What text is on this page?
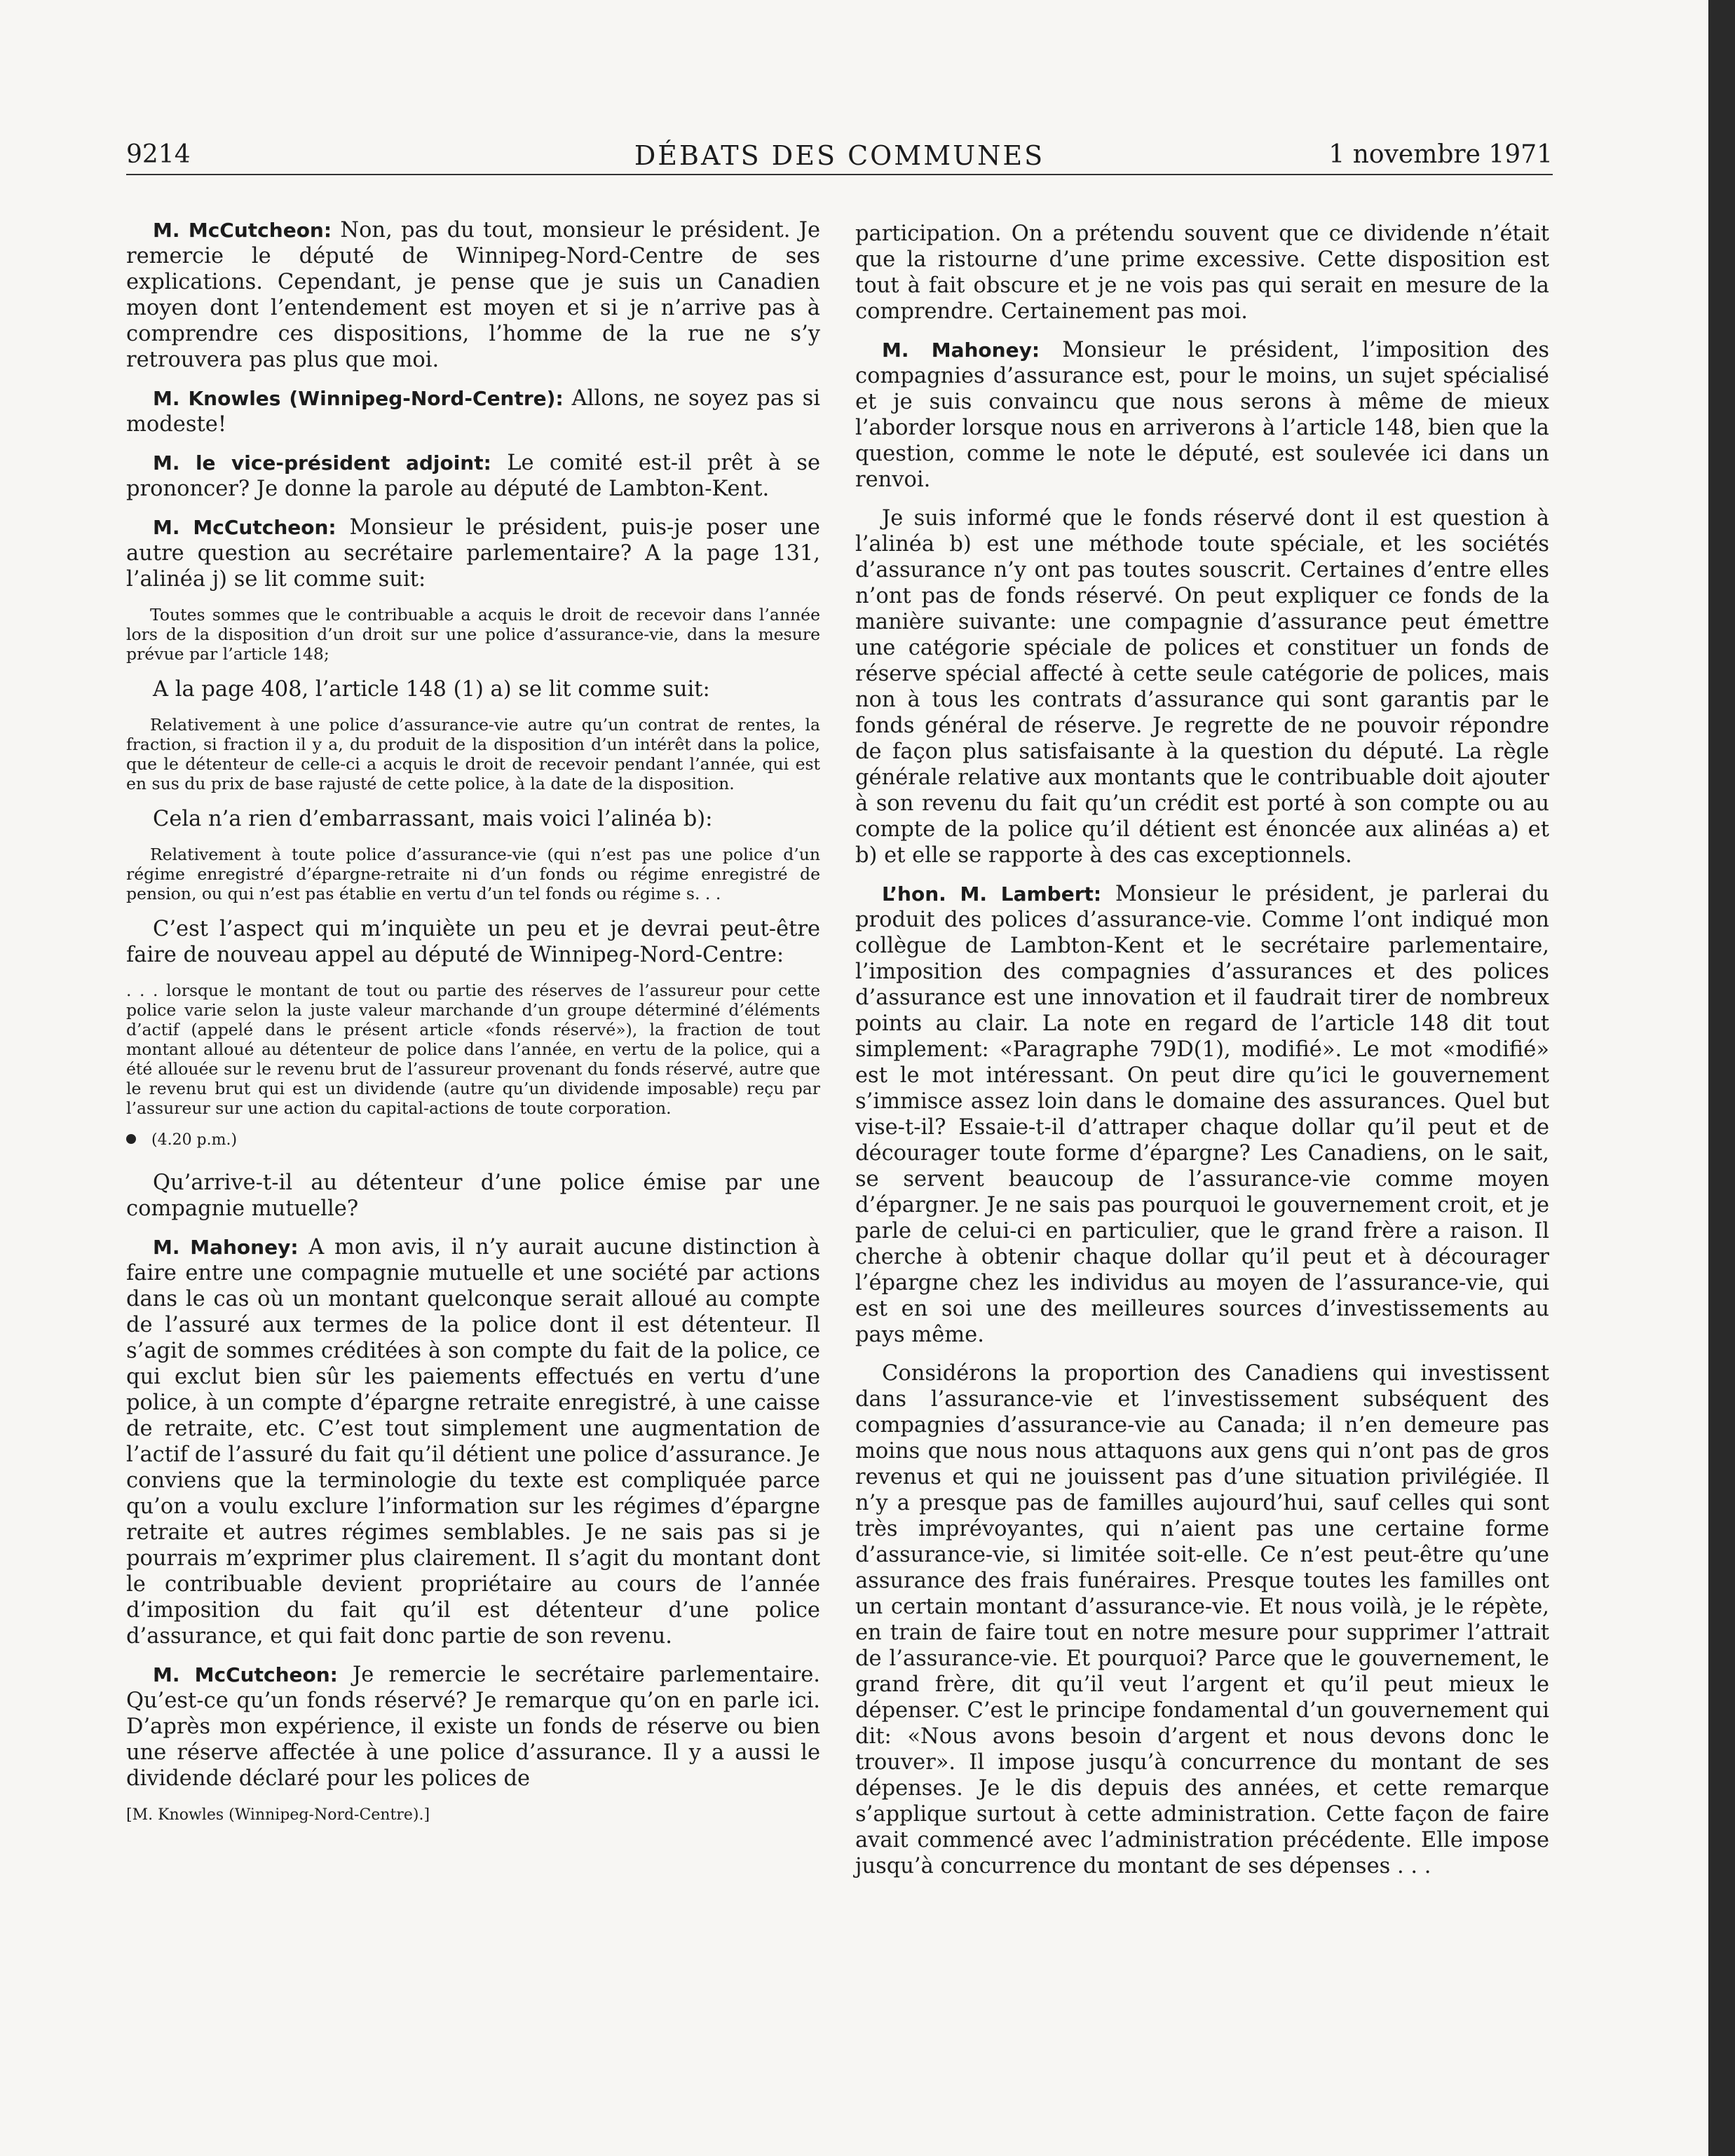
9214	DÉBATS DES COMMUNES	1 novembre 1971

M. McCutcheon: Non, pas du tout, monsieur le président. Je remercie le député de Winnipeg-Nord-Centre de ses explications. Cependant, je pense que je suis un Canadien moyen dont l’entendement est moyen et si je n’arrive pas à comprendre ces dispositions, l’homme de la rue ne s’y retrouvera pas plus que moi.

M. Knowles (Winnipeg-Nord-Centre): Allons, ne soyez pas si modeste!

M. le vice-président adjoint: Le comité est-il prêt à se prononcer? Je donne la parole au député de Lambton-Kent.

M. McCutcheon: Monsieur le président, puis-je poser une autre question au secrétaire parlementaire? A la page 131, l’alinéa j) se lit comme suit:

Toutes sommes que le contribuable a acquis le droit de recevoir dans l’année lors de la disposition d’un droit sur une police d’assurance-vie, dans la mesure prévue par l’article 148;

A la page 408, l’article 148 (1) a) se lit comme suit:

Relativement à une police d’assurance-vie autre qu’un contrat de rentes, la fraction, si fraction il y a, du produit de la disposition d’un intérêt dans la police, que le détenteur de celle-ci a acquis le droit de recevoir pendant l’année, qui est en sus du prix de base rajusté de cette police, à la date de la disposition.

Cela n’a rien d’embarrassant, mais voici l’alinéa b):

Relativement à toute police d’assurance-vie (qui n’est pas une police d’un régime enregistré d’épargne-retraite ni d’un fonds ou régime enregistré de pension, ou qui n’est pas établie en vertu d’un tel fonds ou régime s. . .

C’est l’aspect qui m’inquiète un peu et je devrai peut-être faire de nouveau appel au député de Winnipeg-Nord-Centre:

. . . lorsque le montant de tout ou partie des réserves de l’assureur pour cette police varie selon la juste valeur marchande d’un groupe déterminé d’éléments d’actif (appelé dans le présent article «fonds réservé»), la fraction de tout montant alloué au détenteur de police dans l’année, en vertu de la police, qui a été allouée sur le revenu brut de l’assureur provenant du fonds réservé, autre que le revenu brut qui est un dividende (autre qu’un dividende imposable) reçu par l’assureur sur une action du capital-actions de toute corporation.

(4.20 p.m.)

Qu’arrive-t-il au détenteur d’une police émise par une compagnie mutuelle?

M. Mahoney: A mon avis, il n’y aurait aucune distinction à faire entre une compagnie mutuelle et une société par actions dans le cas où un montant quelconque serait alloué au compte de l’assuré aux termes de la police dont il est détenteur. Il s’agit de sommes créditées à son compte du fait de la police, ce qui exclut bien sûr les paiements effectués en vertu d’une police, à un compte d’épargne retraite enregistré, à une caisse de retraite, etc. C’est tout simplement une augmentation de l’actif de l’assuré du fait qu’il détient une police d’assurance. Je conviens que la terminologie du texte est compliquée parce qu’on a voulu exclure l’information sur les régimes d’épargne retraite et autres régimes semblables. Je ne sais pas si je pourrais m’exprimer plus clairement. Il s’agit du montant dont le contribuable devient propriétaire au cours de l’année d’imposition du fait qu’il est détenteur d’une police d’assurance, et qui fait donc partie de son revenu.

M. McCutcheon: Je remercie le secrétaire parlementaire. Qu’est-ce qu’un fonds réservé? Je remarque qu’on en parle ici. D’après mon expérience, il existe un fonds de réserve ou bien une réserve affectée à une police d’assurance. Il y a aussi le dividende déclaré pour les polices de

[M. Knowles (Winnipeg-Nord-Centre).]

participation. On a prétendu souvent que ce dividende n’était que la ristourne d’une prime excessive. Cette disposition est tout à fait obscure et je ne vois pas qui serait en mesure de la comprendre. Certainement pas moi.

M. Mahoney: Monsieur le président, l’imposition des compagnies d’assurance est, pour le moins, un sujet spécialisé et je suis convaincu que nous serons à même de mieux l’aborder lorsque nous en arriverons à l’article 148, bien que la question, comme le note le député, est soulevée ici dans un renvoi.

Je suis informé que le fonds réservé dont il est question à l’alinéa b) est une méthode toute spéciale, et les sociétés d’assurance n’y ont pas toutes souscrit. Certaines d’entre elles n’ont pas de fonds réservé. On peut expliquer ce fonds de la manière suivante: une compagnie d’assurance peut émettre une catégorie spéciale de polices et constituer un fonds de réserve spécial affecté à cette seule catégorie de polices, mais non à tous les contrats d’assurance qui sont garantis par le fonds général de réserve. Je regrette de ne pouvoir répondre de façon plus satisfaisante à la question du député. La règle générale relative aux montants que le contribuable doit ajouter à son revenu du fait qu’un crédit est porté à son compte ou au compte de la police qu’il détient est énoncée aux alinéas a) et b) et elle se rapporte à des cas exceptionnels.

L’hon. M. Lambert: Monsieur le président, je parlerai du produit des polices d’assurance-vie. Comme l’ont indiqué mon collègue de Lambton-Kent et le secrétaire parlementaire, l’imposition des compagnies d’assurances et des polices d’assurance est une innovation et il faudrait tirer de nombreux points au clair. La note en regard de l’article 148 dit tout simplement: «Paragraphe 79D(1), modifié». Le mot «modifié» est le mot intéressant. On peut dire qu’ici le gouvernement s’immisce assez loin dans le domaine des assurances. Quel but vise-t-il? Essaie-t-il d’attraper chaque dollar qu’il peut et de décourager toute forme d’épargne? Les Canadiens, on le sait, se servent beaucoup de l’assurance-vie comme moyen d’épargner. Je ne sais pas pourquoi le gouvernement croit, et je parle de celui-ci en particulier, que le grand frère a raison. Il cherche à obtenir chaque dollar qu’il peut et à décourager l’épargne chez les individus au moyen de l’assurance-vie, qui est en soi une des meilleures sources d’investissements au pays même.

Considérons la proportion des Canadiens qui investissent dans l’assurance-vie et l’investissement subséquent des compagnies d’assurance-vie au Canada; il n’en demeure pas moins que nous nous attaquons aux gens qui n’ont pas de gros revenus et qui ne jouissent pas d’une situation privilégiée. Il n’y a presque pas de familles aujourd’hui, sauf celles qui sont très imprévoyantes, qui n’aient pas une certaine forme d’assurance-vie, si limitée soit-elle. Ce n’est peut-être qu’une assurance des frais funéraires. Presque toutes les familles ont un certain montant d’assurance-vie. Et nous voilà, je le répète, en train de faire tout en notre mesure pour supprimer l’attrait de l’assurance-vie. Et pourquoi? Parce que le gouvernement, le grand frère, dit qu’il veut l’argent et qu’il peut mieux le dépenser. C’est le principe fondamental d’un gouvernement qui dit: «Nous avons besoin d’argent et nous devons donc le trouver». Il impose jusqu’à concurrence du montant de ses dépenses. Je le dis depuis des années, et cette remarque s’applique surtout à cette administration. Cette façon de faire avait commencé avec l’administration précédente. Elle impose jusqu’à concurrence du montant de ses dépenses . . .
